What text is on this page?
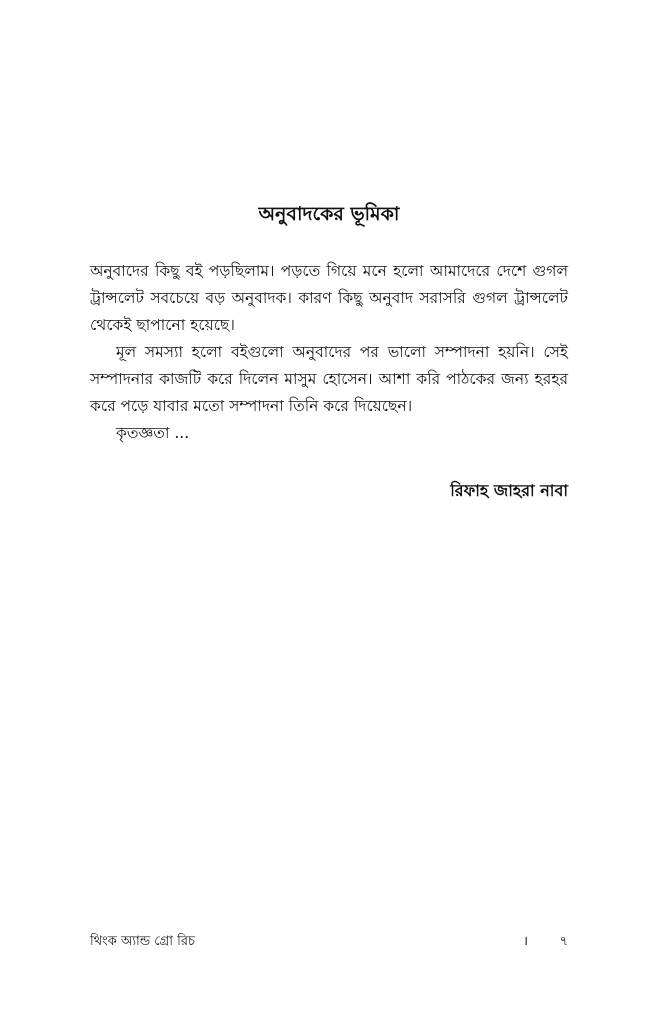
অনুবাদকের ভূমিকা

অনুবাদের কিছু বই পড়ছিলাম। পড়তে গিয়ে মনে হলো আমাদেরে দেশে গুগল ট্রান্সলেট সবচেয়ে বড় অনুবাদক। কারণ কিছু অনুবাদ সরাসরি গুগল ট্রান্সলেট থেকেই ছাপানো হয়েছে।

মূল সমস্যা হলো বইগুলো অনুবাদের পর ভালো সম্পাদনা হয়নি। সেই সম্পাদনার কাজটি করে দিলেন মাসুম হোসেন। আশা করি পাঠকের জন্য হরহর করে পড়ে যাবার মতো সম্পাদনা তিনি করে দিয়েছেন।

কৃতজ্ঞতা ...

রিফাহ জাহরা নাবা
থিংক অ্যান্ড গ্রো রিচ	। ৭
